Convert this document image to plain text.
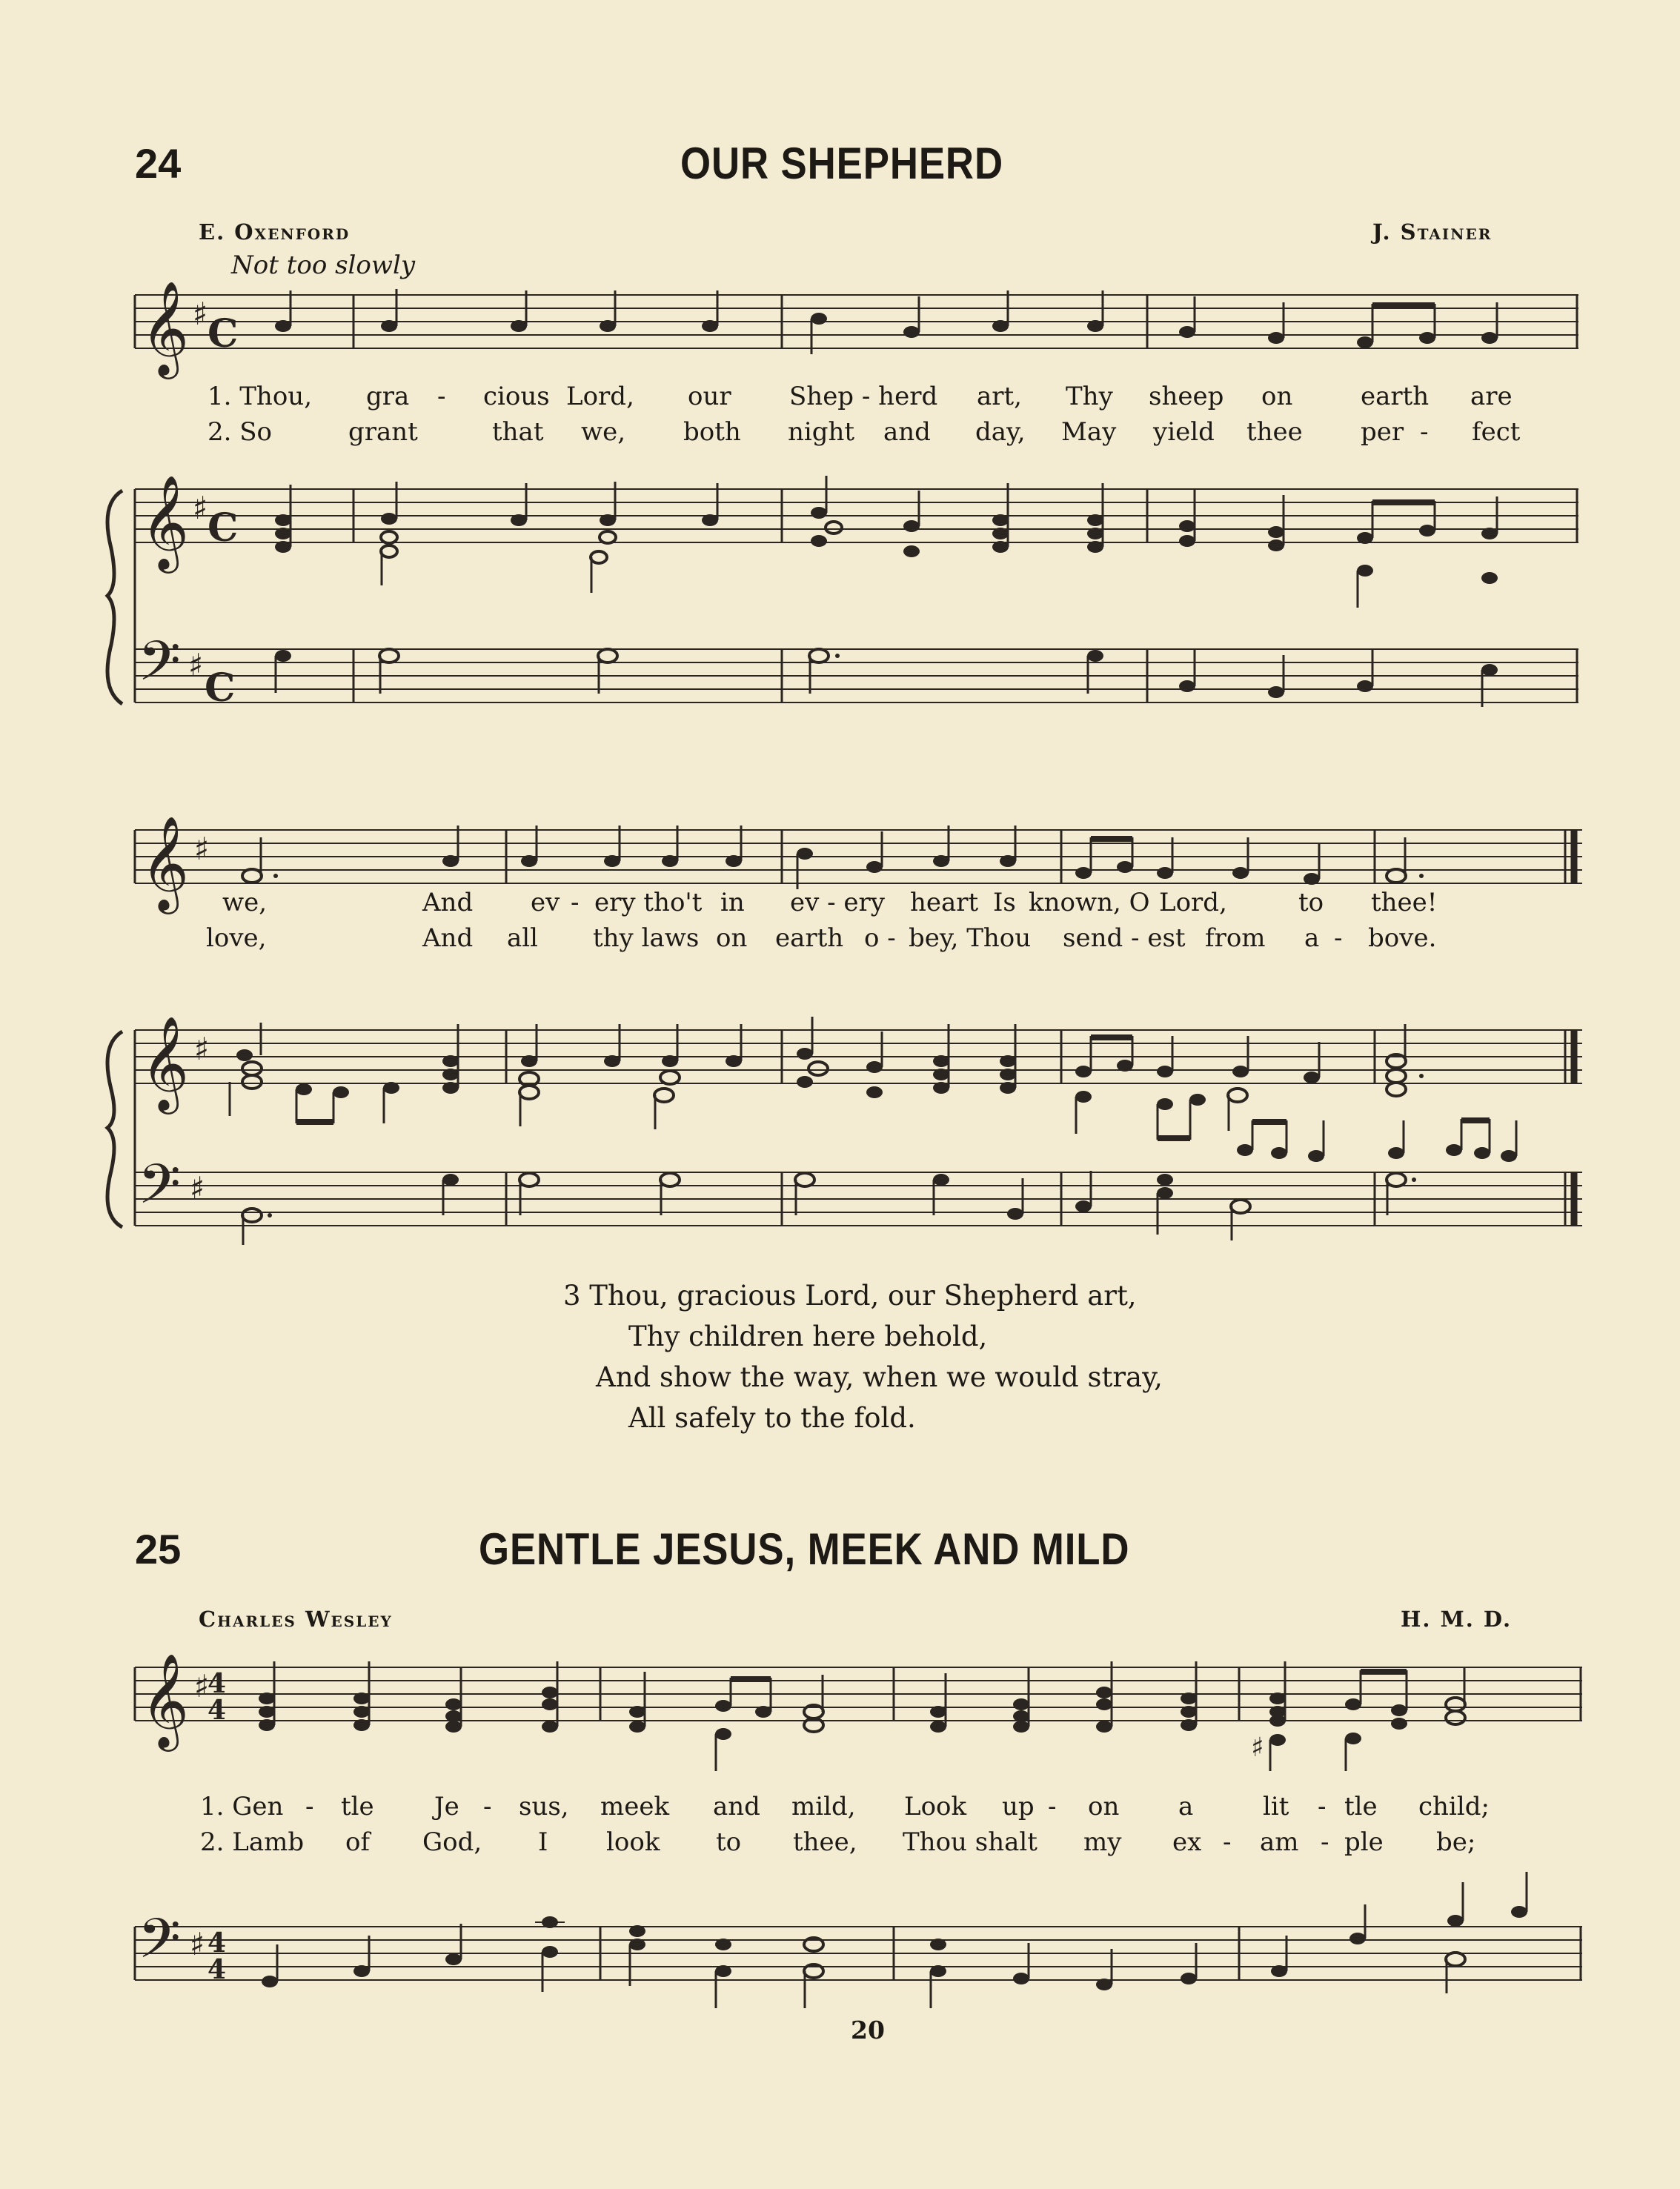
24	OUR SHEPHERD
E. Oxenford	J. Stainer
Not too slowly
𝄞 ♯ C
𝄞 ♯ C
𝄢 ♯
C
1. Thou, gra - cious Lord, our Shep - herd art, Thy sheep on	earth are
2. So	grant	that we, both night and day, May yield thee per - fect
𝄞 ♯
𝄞 ♯
𝄢 ♯
we,	And ev - ery tho't in ev - ery heart Is known, O Lord,	to thee!
love,	And all thy laws on earth o - bey, Thou send - est from a - bove.
3 Thou, gracious Lord, our Shepherd art,
Thy children here behold,
And show the way, when we would stray,
All safely to the fold.
25	GENTLE JESUS, MEEK AND MILD
Charles Wesley	H. M. D.
𝄞 ♯
4
4
♯
𝄢 ♯ 4
4
1. Gen - tle Je - sus, meek and mild, Look up - on a	lit - tle child;
2. Lamb of God, I look to thee, Thou shalt my ex - am - ple be;
20
